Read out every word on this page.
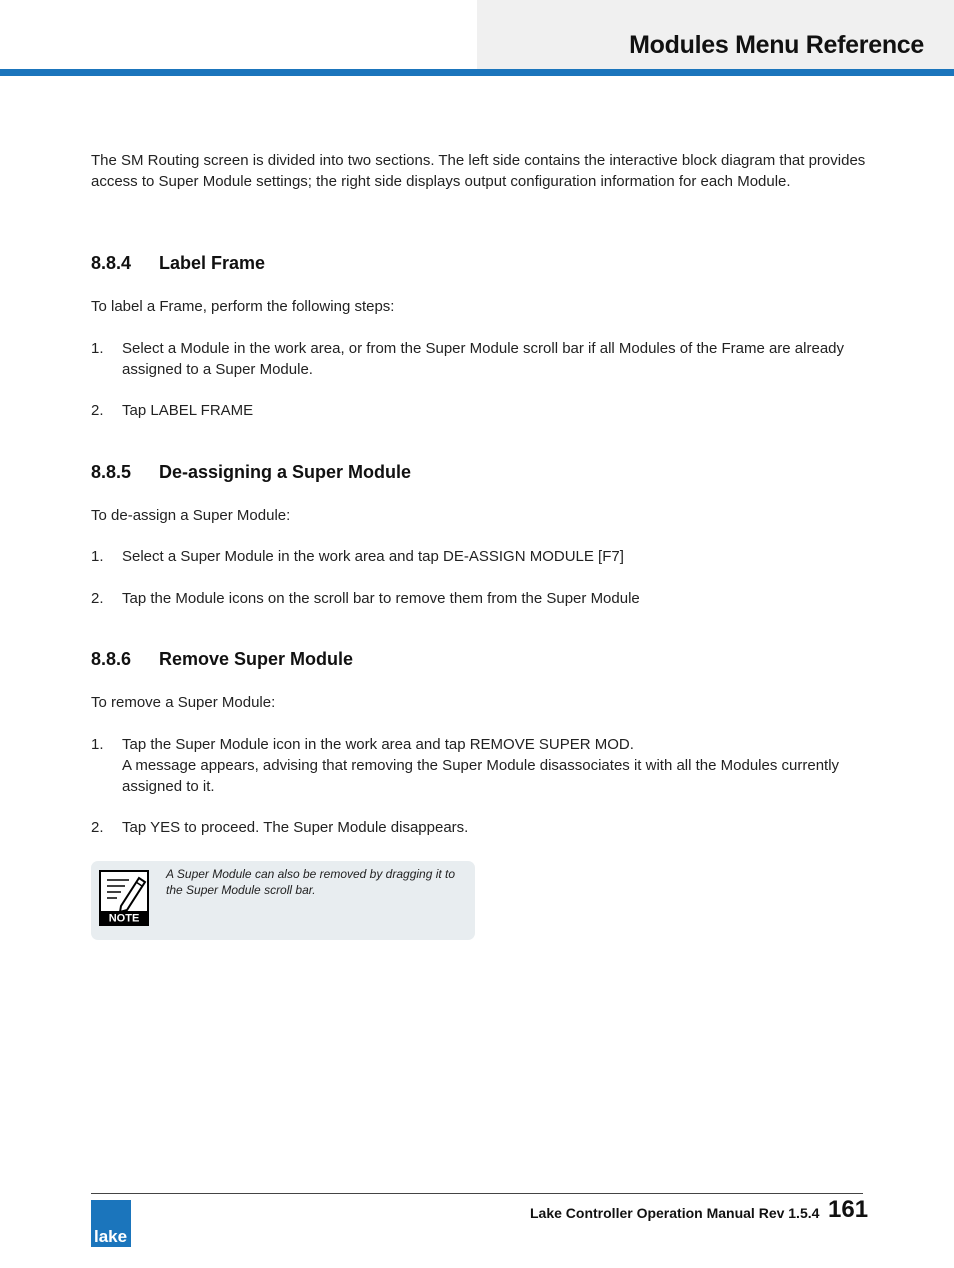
Modules Menu Reference
The SM Routing screen is divided into two sections. The left side contains the interactive block diagram that provides access to Super Module settings; the right side displays output configuration information for each Module.
8.8.4 Label Frame
To label a Frame, perform the following steps:
1. Select a Module in the work area, or from the Super Module scroll bar if all Modules of the Frame are already assigned to a Super Module.
2. Tap LABEL FRAME
8.8.5 De-assigning a Super Module
To de-assign a Super Module:
1. Select a Super Module in the work area and tap DE-ASSIGN MODULE [F7]
2. Tap the Module icons on the scroll bar to remove them from the Super Module
8.8.6 Remove Super Module
To remove a Super Module:
1. Tap the Super Module icon in the work area and tap REMOVE SUPER MOD.
A message appears, advising that removing the Super Module disassociates it with all the Modules currently assigned to it.
2. Tap YES to proceed. The Super Module disappears.
NOTE
A Super Module can also be removed by dragging it to the Super Module scroll bar.
lake
Lake Controller Operation Manual Rev 1.5.4 161
